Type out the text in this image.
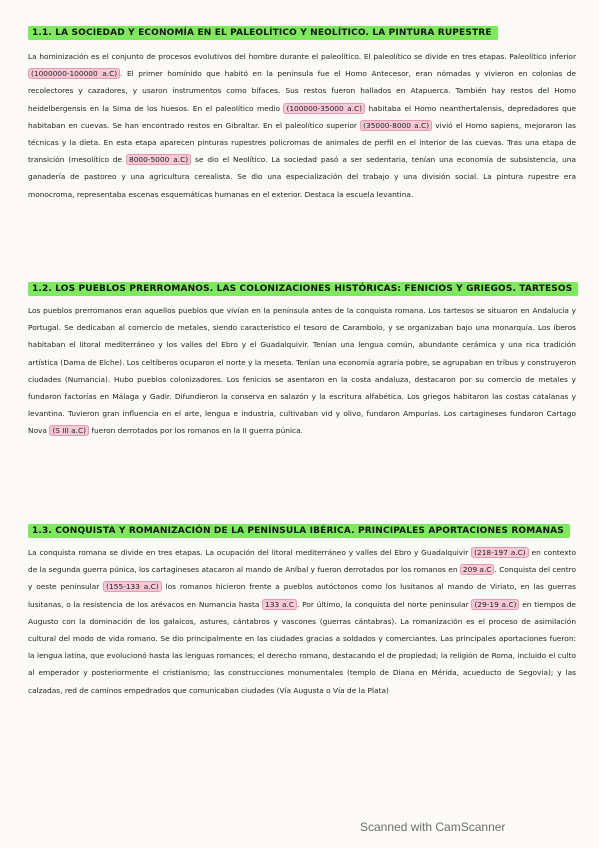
1.1. LA SOCIEDAD Y ECONOMÍA EN EL PALEOLÍTICO Y NEOLÍTICO. LA PINTURA RUPESTRE

La hominización es el conjunto de procesos evolutivos del hombre durante el paleolítico. El paleolítico se divide en tres etapas. Paleolítico inferior (1000000-100000 a.C) . El primer homínido que habitó en la península fue el Homo Antecesor, eran nómadas y vivieron en colonias de recolectores y cazadores, y usaron instrumentos como bifaces. Sus restos fueron hallados en Atapuerca. También hay restos del Homo heidelbergensis en la Sima de los huesos. En el paleolítico medio (100000-35000 a.C) habitaba el Homo neanthertalensis, depredadores que habitaban en cuevas. Se han encontrado restos en Gibraltar. En el paleolítico superior (35000-8000 a.C) vivió el Homo sapiens, mejoraron las técnicas y la dieta. En esta etapa aparecen pinturas rupestres policromas de animales de perfil en el interior de las cuevas. Tras una etapa de transición (mesolítico de 8000-5000 a.C) se dio el Neolítico. La sociedad pasó a ser sedentaria, tenían una economía de subsistencia, una ganadería de pastoreo y una agricultura cerealista. Se dio una especialización del trabajo y una división social. La pintura rupestre era monocroma, representaba escenas esquemáticas humanas en el exterior. Destaca la escuela levantina.

1.2. LOS PUEBLOS PRERROMANOS. LAS COLONIZACIONES HISTÓRICAS: FENICIOS Y GRIEGOS. TARTESOS

Los pueblos prerromanos eran aquellos pueblos que vivían en la península antes de la conquista romana. Los tartesos se situaron en Andalucía y Portugal. Se dedicaban al comercio de metales, siendo característico el tesoro de Carambolo, y se organizaban bajo una monarquía. Los íberos habitaban el litoral mediterráneo y los valles del Ebro y el Guadalquivir. Tenían una lengua común, abundante cerámica y una rica tradición artística (Dama de Elche). Los celtíberos ocuparon el norte y la meseta. Tenían una economía agraria pobre, se agrupaban en tribus y construyeron ciudades (Numancia). Hubo pueblos colonizadores. Los fenicios se asentaron en la costa andaluza, destacaron por su comercio de metales y fundaron factorías en Málaga y Gadir. Difundieron la conserva en salazón y la escritura alfabética. Los griegos habitaron las costas catalanas y levantina. Tuvieron gran influencia en el arte, lengua e industria, cultivaban vid y olivo, fundaron Ampurias. Los cartagineses fundaron Cartago Nova (S III a.C) fueron derrotados por los romanos en la II guerra púnica.

1.3. CONQUISTA Y ROMANIZACIÓN DE LA PENÍNSULA IBÉRICA. PRINCIPALES APORTACIONES ROMANAS

La conquista romana se divide en tres etapas. La ocupación del litoral mediterráneo y valles del Ebro y Guadalquivir (218-197 a.C) en contexto de la segunda guerra púnica, los cartagineses atacaron al mando de Aníbal y fueron derrotados por los romanos en 209 a.C . Conquista del centro y oeste peninsular (155-133 a.C) los romanos hicieron frente a pueblos autóctonos como los lusitanos al mando de Viriato, en las guerras lusitanas, o la resistencia de los arévacos en Numancia hasta 133 a.C . Por último, la conquista del norte peninsular (29-19 a.C) en tiempos de Augusto con la dominación de los galaicos, astures, cántabros y vascones (guerras cántabras). La romanización es el proceso de asimilación cultural del modo de vida romano. Se dio principalmente en las ciudades gracias a soldados y comerciantes. Las principales aportaciones fueron: la lengua latina, que evolucionó hasta las lenguas romances; el derecho romano, destacando el de propiedad; la religión de Roma, incluido el culto al emperador y posteriormente el cristianismo; las construcciones monumentales (templo de Diana en Mérida, acueducto de Segovia); y las calzadas, red de caminos empedrados que comunicaban ciudades (Vía Augusta o Vía de la Plata)

Scanned with CamScanner
